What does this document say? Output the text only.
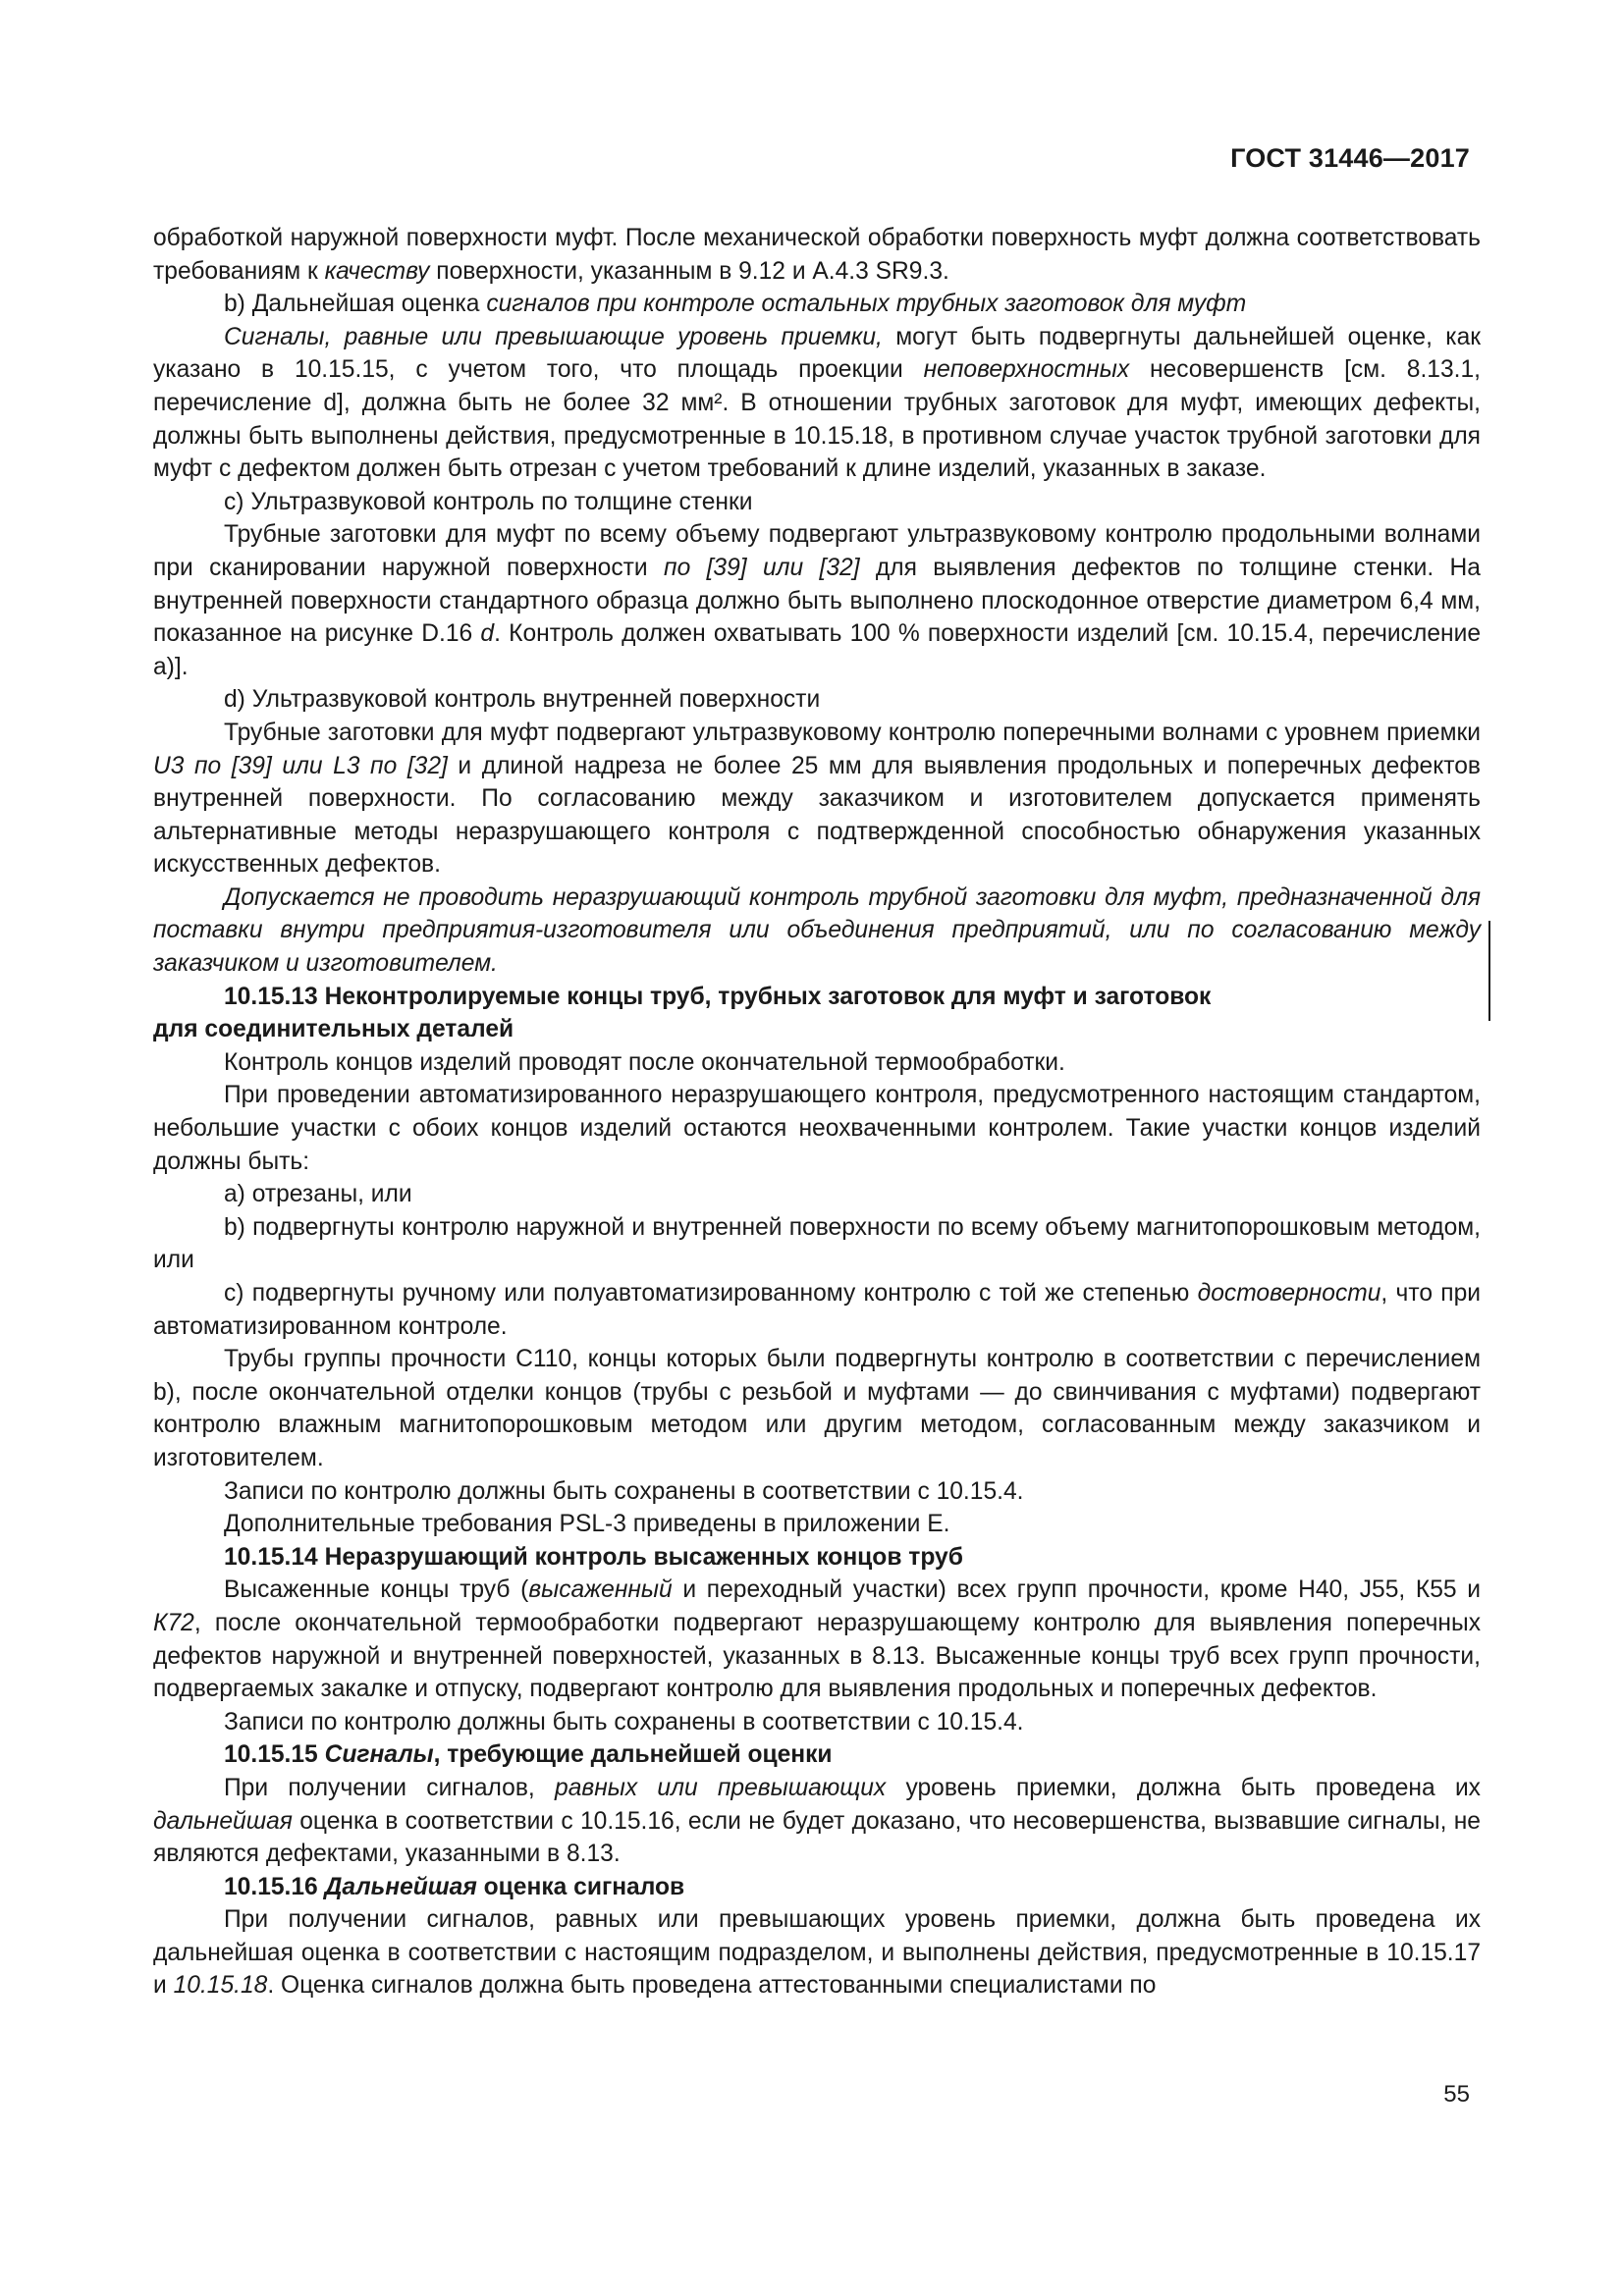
ГОСТ 31446—2017

обработкой наружной поверхности муфт. После механической обработки поверхность муфт должна соответствовать требованиям к качеству поверхности, указанным в 9.12 и А.4.3 SR9.3.

b) Дальнейшая оценка сигналов при контроле остальных трубных заготовок для муфт

Сигналы, равные или превышающие уровень приемки, могут быть подвергнуты дальнейшей оценке, как указано в 10.15.15, с учетом того, что площадь проекции неповерхностных несовершенств [см. 8.13.1, перечисление d], должна быть не более 32 мм². В отношении трубных заготовок для муфт, имеющих дефекты, должны быть выполнены действия, предусмотренные в 10.15.18, в противном случае участок трубной заготовки для муфт с дефектом должен быть отрезан с учетом требований к длине изделий, указанных в заказе.

с) Ультразвуковой контроль по толщине стенки

Трубные заготовки для муфт по всему объему подвергают ультразвуковому контролю продольными волнами при сканировании наружной поверхности по [39] или [32] для выявления дефектов по толщине стенки. На внутренней поверхности стандартного образца должно быть выполнено плоскодонное отверстие диаметром 6,4 мм, показанное на рисунке D.16 d. Контроль должен охватывать 100 % поверхности изделий [см. 10.15.4, перечисление а)].

d) Ультразвуковой контроль внутренней поверхности

Трубные заготовки для муфт подвергают ультразвуковому контролю поперечными волнами с уровнем приемки U3 по [39] или L3 по [32] и длиной надреза не более 25 мм для выявления продольных и поперечных дефектов внутренней поверхности. По согласованию между заказчиком и изготовителем допускается применять альтернативные методы неразрушающего контроля с подтвержденной способностью обнаружения указанных искусственных дефектов.

Допускается не проводить неразрушающий контроль трубной заготовки для муфт, предназначенной для поставки внутри предприятия-изготовителя или объединения предприятий, или по согласованию между заказчиком и изготовителем.

10.15.13 Неконтролируемые концы труб, трубных заготовок для муфт и заготовок

для соединительных деталей

Контроль концов изделий проводят после окончательной термообработки.

При проведении автоматизированного неразрушающего контроля, предусмотренного настоящим стандартом, небольшие участки с обоих концов изделий остаются неохваченными контролем. Такие участки концов изделий должны быть:

а) отрезаны, или

b) подвергнуты контролю наружной и внутренней поверхности по всему объему магнитопорошковым методом, или

с) подвергнуты ручному или полуавтоматизированному контролю с той же степенью достоверности, что при автоматизированном контроле.

Трубы группы прочности С110, концы которых были подвергнуты контролю в соответствии с перечислением b), после окончательной отделки концов (трубы с резьбой и муфтами — до свинчивания с муфтами) подвергают контролю влажным магнитопорошковым методом или другим методом, согласованным между заказчиком и изготовителем.

Записи по контролю должны быть сохранены в соответствии с 10.15.4.

Дополнительные требования PSL-3 приведены в приложении Е.

10.15.14 Неразрушающий контроль высаженных концов труб

Высаженные концы труб (высаженный и переходный участки) всех групп прочности, кроме Н40, J55, К55 и К72, после окончательной термообработки подвергают неразрушающему контролю для выявления поперечных дефектов наружной и внутренней поверхностей, указанных в 8.13. Высаженные концы труб всех групп прочности, подвергаемых закалке и отпуску, подвергают контролю для выявления продольных и поперечных дефектов.

Записи по контролю должны быть сохранены в соответствии с 10.15.4.

10.15.15 Сигналы, требующие дальнейшей оценки

При получении сигналов, равных или превышающих уровень приемки, должна быть проведена их дальнейшая оценка в соответствии с 10.15.16, если не будет доказано, что несовершенства, вызвавшие сигналы, не являются дефектами, указанными в 8.13.

10.15.16 Дальнейшая оценка сигналов

При получении сигналов, равных или превышающих уровень приемки, должна быть проведена их дальнейшая оценка в соответствии с настоящим подразделом, и выполнены действия, предусмотренные в 10.15.17 и 10.15.18. Оценка сигналов должна быть проведена аттестованными специалистами по

55
